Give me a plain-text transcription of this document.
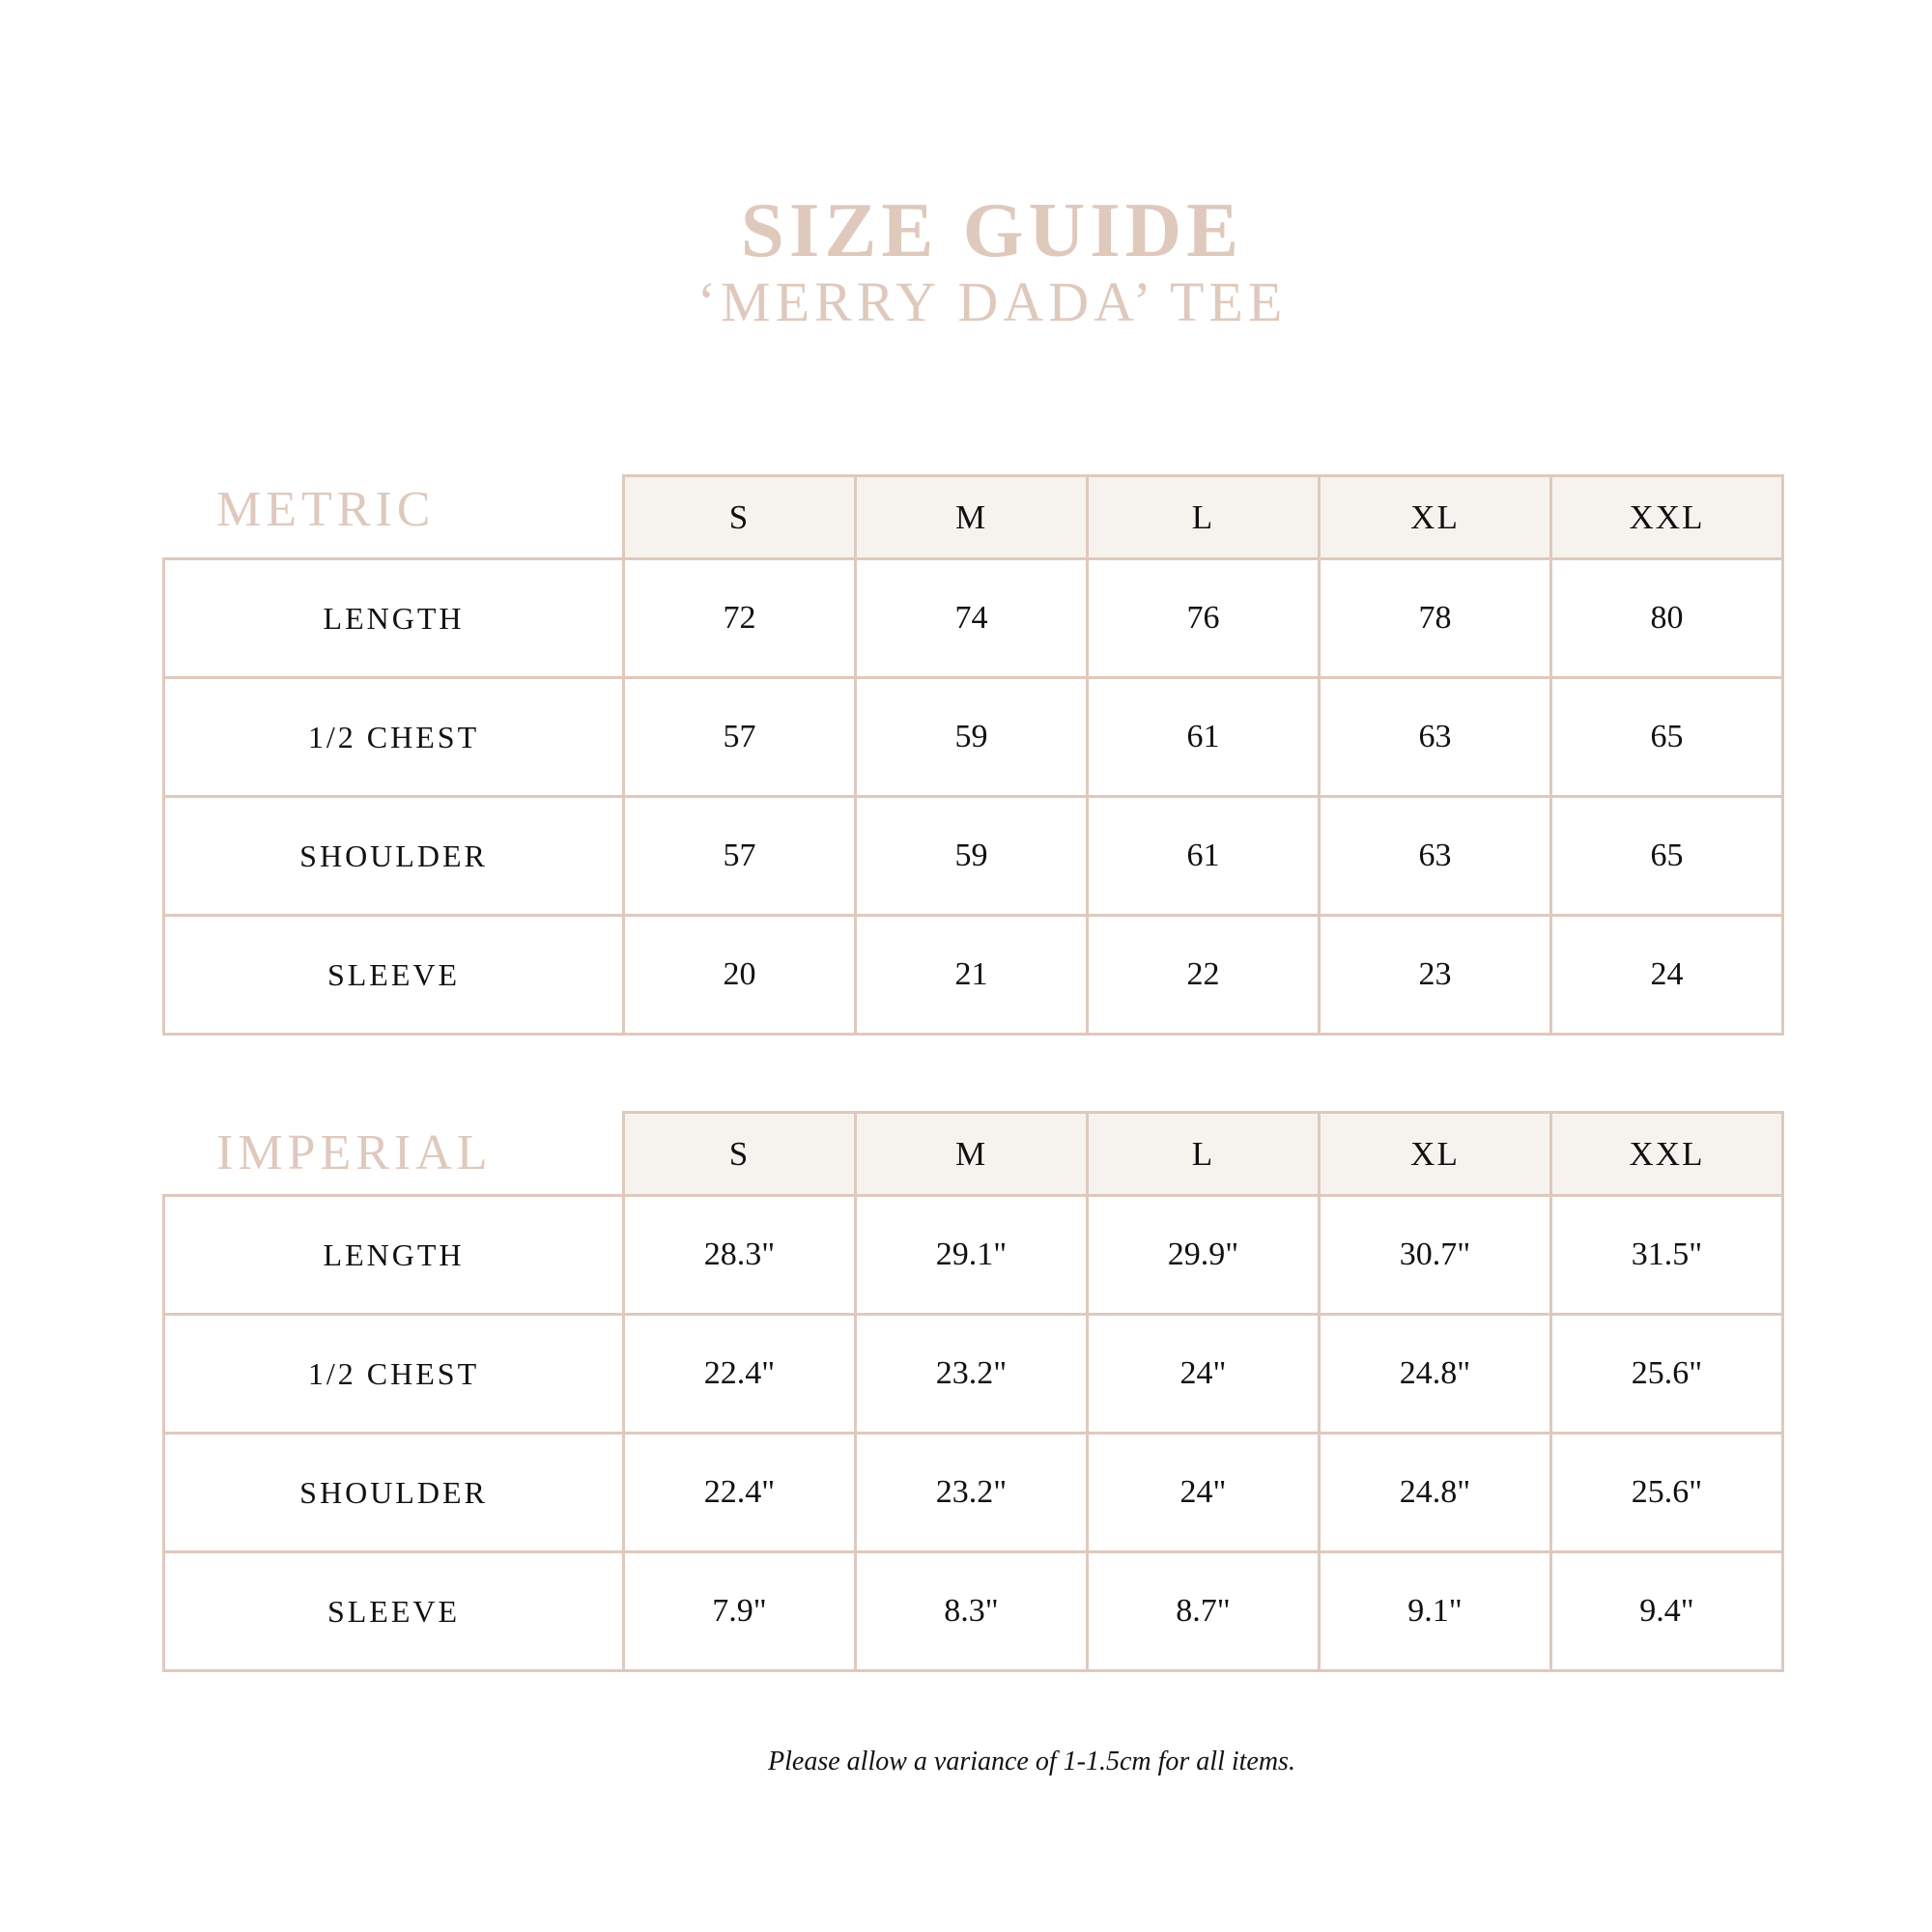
SIZE GUIDE
‘MERRY DADA’ TEE
METRIC
		S	M	L	XL	XXL
LENGTH	72	74	76	78	80
1/2 CHEST	57	59	61	63	65
SHOULDER	57	59	61	63	65
SLEEVE	20	21	22	23	24
IMPERIAL
		S	M	L	XL	XXL
LENGTH	28.3"	29.1"	29.9"	30.7"	31.5"
1/2 CHEST	22.4"	23.2"	24"	24.8"	25.6"
SHOULDER	22.4"	23.2"	24"	24.8"	25.6"
SLEEVE	7.9"	8.3"	8.7"	9.1"	9.4"
Please allow a variance of 1-1.5cm for all items.
